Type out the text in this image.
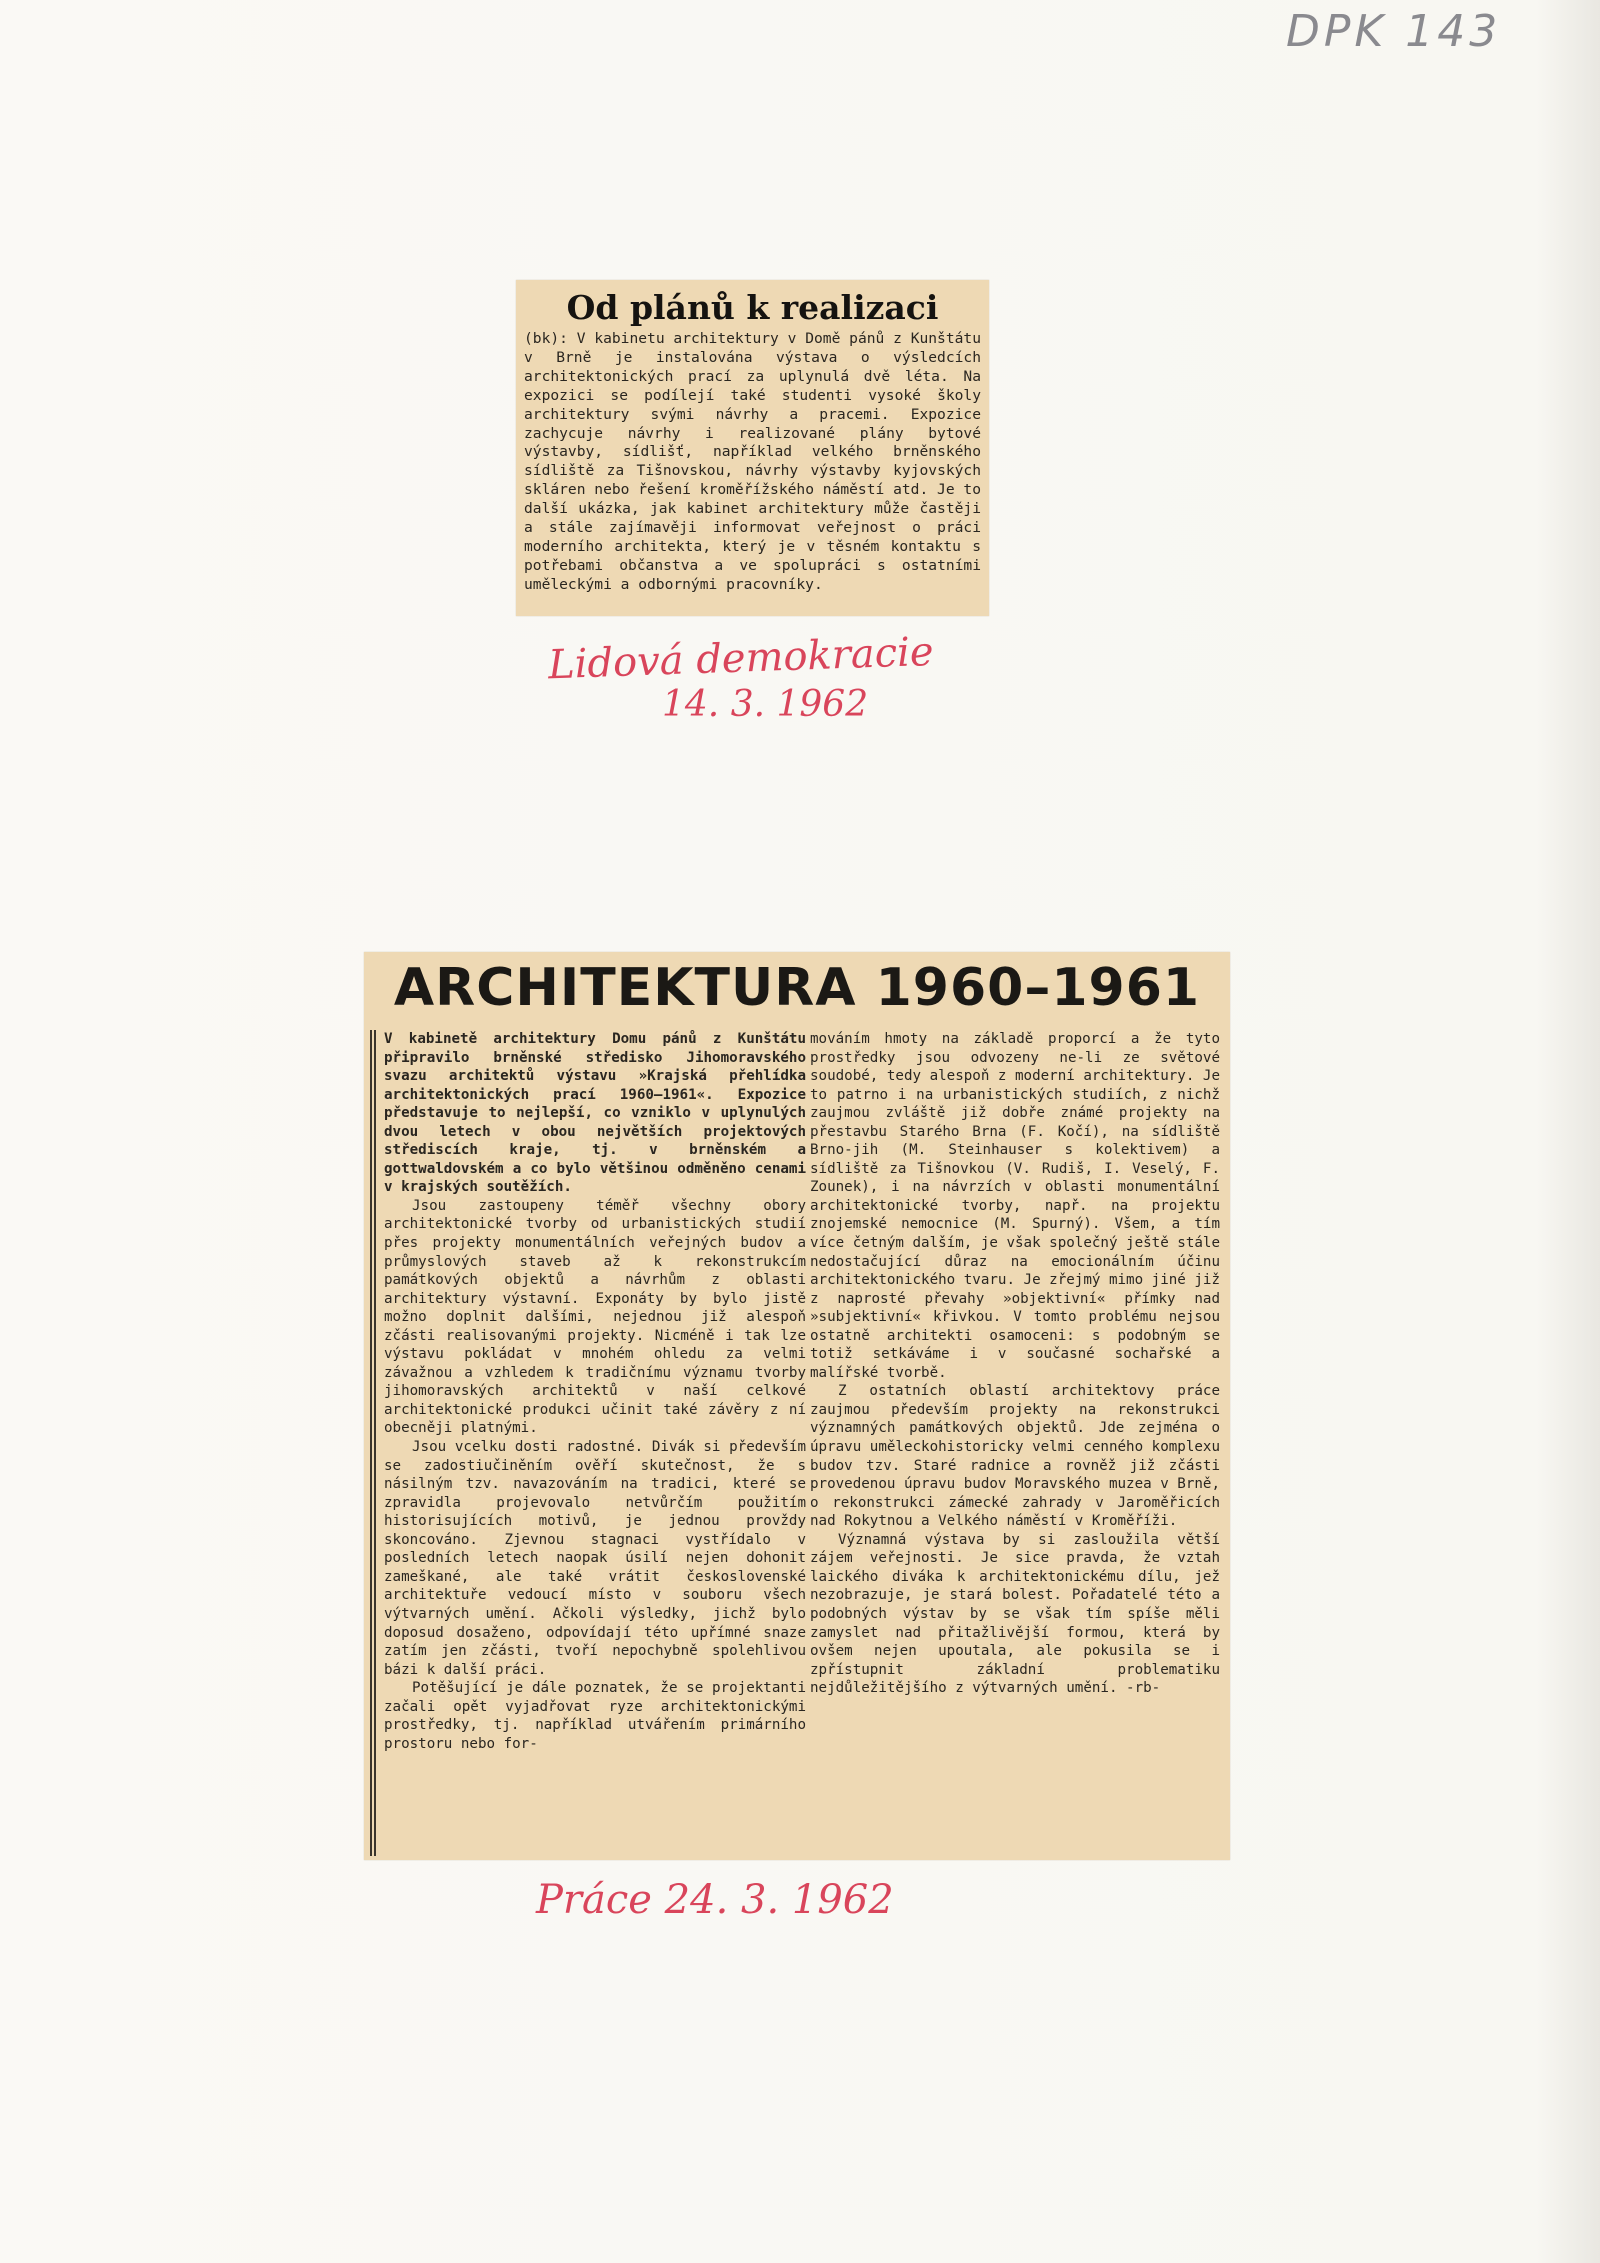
DPK 143
Od plánů k realizaci

(bk): V kabinetu architektury v Domě pánů z Kunštátu v Brně je instalována výstava o výsledcích architektonických prací za uplynulá dvě léta. Na expozici se podílejí také studenti vysoké školy architektury svými návrhy a pracemi. Expozice zachycuje návrhy i realizované plány bytové výstavby, sídlišť, například velkého brněnského sídliště za Tišnovskou, návrhy výstavby kyjovských skláren nebo řešení kroměřížského náměstí atd. Je to další ukázka, jak kabinet architektury může častěji a stále zajímavěji informovat veřejnost o práci moderního architekta, který je v těsném kontaktu s potřebami občanstva a ve spolupráci s ostatními uměleckými a odbornými pracovníky.

Lidová demokracie
14. 3. 1962
ARCHITEKTURA 1960–1961

V kabinetě architektury Domu pánů z Kunštátu připravilo brněnské středisko Jihomoravského svazu architektů výstavu »Krajská přehlídka architektonických prací 1960—1961«. Expozice představuje to nejlepší, co vzniklo v uplynulých dvou letech v obou největších projektových střediscích kraje, tj. v brněnském a gottwaldovském a co bylo většinou odměněno cenami v krajských soutěžích.

Jsou zastoupeny téměř všechny obory architektonické tvorby od urbanistických studií přes projekty monumentálních veřejných budov a průmyslových staveb až k rekonstrukcím památkových objektů a návrhům z oblasti architektury výstavní. Exponáty by bylo jistě možno doplnit dalšími, nejednou již alespoň zčásti realisovanými projekty. Nicméně i tak lze výstavu pokládat v mnohém ohledu za velmi závažnou a vzhledem k tradičnímu významu tvorby jihomoravských architektů v naší celkové architektonické produkci učinit také závěry z ní obecněji platnými.

Jsou vcelku dosti radostné. Divák si především se zadostiučiněním ověří skutečnost, že s násilným tzv. navazováním na tradici, které se zpravidla projevovalo netvůrčím použitím historisujících motivů, je jednou provždy skoncováno. Zjevnou stagnaci vystřídalo v posledních letech naopak úsilí nejen dohonit zameškané, ale také vrátit československé architektuře vedoucí místo v souboru všech výtvarných umění. Ačkoli výsledky, jichž bylo doposud dosaženo, odpovídají této upřímné snaze zatím jen zčásti, tvoří nepochybně spolehlivou bázi k další práci.

Potěšující je dále poznatek, že se projektanti začali opět vyjadřovat ryze architektonickými prostředky, tj. například utvářením primárního prostoru nebo for-

mováním hmoty na základě proporcí a že tyto prostředky jsou odvozeny ne-li ze světové soudobé, tedy alespoň z moderní architektury. Je to patrno i na urbanistických studiích, z nichž zaujmou zvláště již dobře známé projekty na přestavbu Starého Brna (F. Kočí), na sídliště Brno-jih (M. Steinhauser s kolektivem) a sídliště za Tišnovkou (V. Rudiš, I. Veselý, F. Zounek), i na návrzích v oblasti monumentální architektonické tvorby, např. na projektu znojemské nemocnice (M. Spurný). Všem, a tím více četným dalším, je však společný ještě stále nedostačující důraz na emocionálním účinu architektonického tvaru. Je zřejmý mimo jiné již z naprosté převahy »objektivní« přímky nad »subjektivní« křivkou. V tomto problému nejsou ostatně architekti osamoceni: s podobným se totiž setkáváme i v současné sochařské a malířské tvorbě.

Z ostatních oblastí architektovy práce zaujmou především projekty na rekonstrukci významných památkových objektů. Jde zejména o úpravu uměleckohistoricky velmi cenného komplexu budov tzv. Staré radnice a rovněž již zčásti provedenou úpravu budov Moravského muzea v Brně, o rekonstrukci zámecké zahrady v Jaroměřicích nad Rokytnou a Velkého náměstí v Kroměříži.

Významná výstava by si zasloužila větší zájem veřejnosti. Je sice pravda, že vztah laického diváka k architektonickému dílu, jež nezobrazuje, je stará bolest. Pořadatelé této a podobných výstav by se však tím spíše měli zamyslet nad přitažlivější formou, která by ovšem nejen upoutala, ale pokusila se i zpřístupnit základní problematiku nejdůležitějšího z výtvarných umění. -rb-

Práce 24. 3. 1962
